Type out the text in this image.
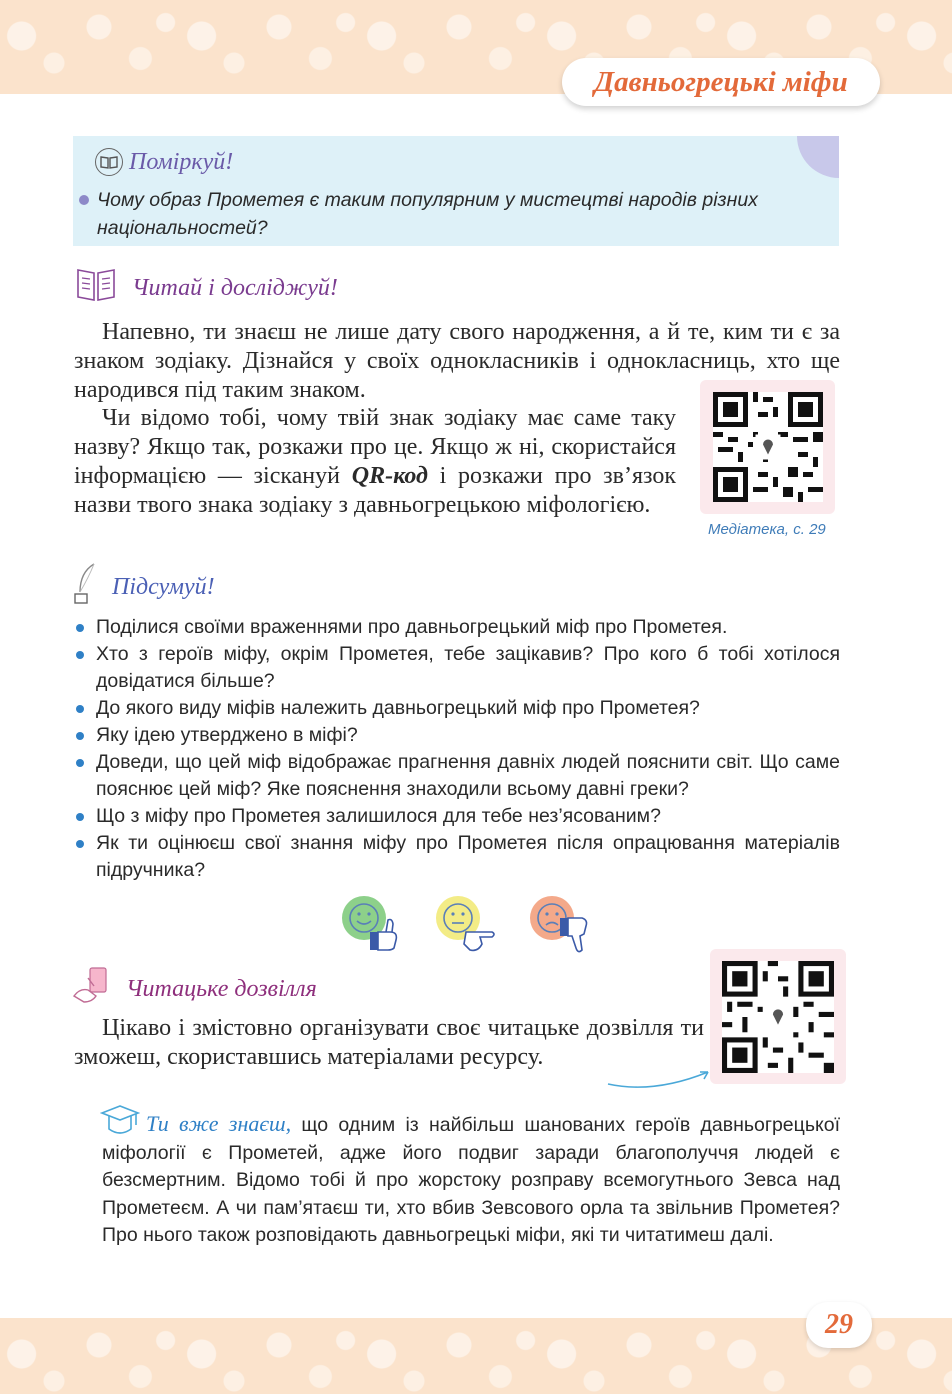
Давньогрецькі міфи
Поміркуй!
Чому образ Прометея є таким популярним у мистецтві народів різних національностей?
Читай і досліджуй!
Напевно, ти знаєш не лише дату свого народження, а й те, ким ти є за знаком зодіаку. Дізнайся у своїх однокласників і однокласниць, хто ще народився під таким знаком.
Чи відомо тобі, чому твій знак зодіаку має саме таку назву? Якщо так, розкажи про це. Якщо ж ні, скористайся інформацією — зіскануй QR-код і розкажи про зв’язок назви твого знака зодіаку з давньогрецькою міфологією.
Медіатека, с. 29
Підсумуй!
Поділися своїми враженнями про давньогрецький міф про Прометея.
Хто з героїв міфу, окрім Прометея, тебе зацікавив? Про кого б тобі хотілося довідатися більше?
До якого виду міфів належить давньогрецький міф про Прометея?
Яку ідею утверджено в міфі?
Доведи, що цей міф відображає прагнення давніх людей пояснити світ. Що саме пояснює цей міф? Яке пояснення знаходили всьому давні греки?
Що з міфу про Прометея залишилося для тебе нез’ясованим?
Як ти оцінюєш свої знання міфу про Прометея після опрацювання матеріалів підручника?
Читацьке дозвілля
Цікаво і змістовно організувати своє читацьке дозвілля ти зможеш, скориставшись матеріалами ресурсу.
Ти вже знаєш, що одним із найбільш шанованих героїв давньогрецької міфології є Прометей, адже його подвиг заради благополуччя людей є безсмертним. Відомо тобі й про жорстоку розправу всемогутнього Зевса над Прометеєм. А чи пам’ятаєш ти, хто вбив Зевсового орла та звільнив Прометея? Про нього також розповідають давньогрецькі міфи, які ти читатимеш далі.
29
